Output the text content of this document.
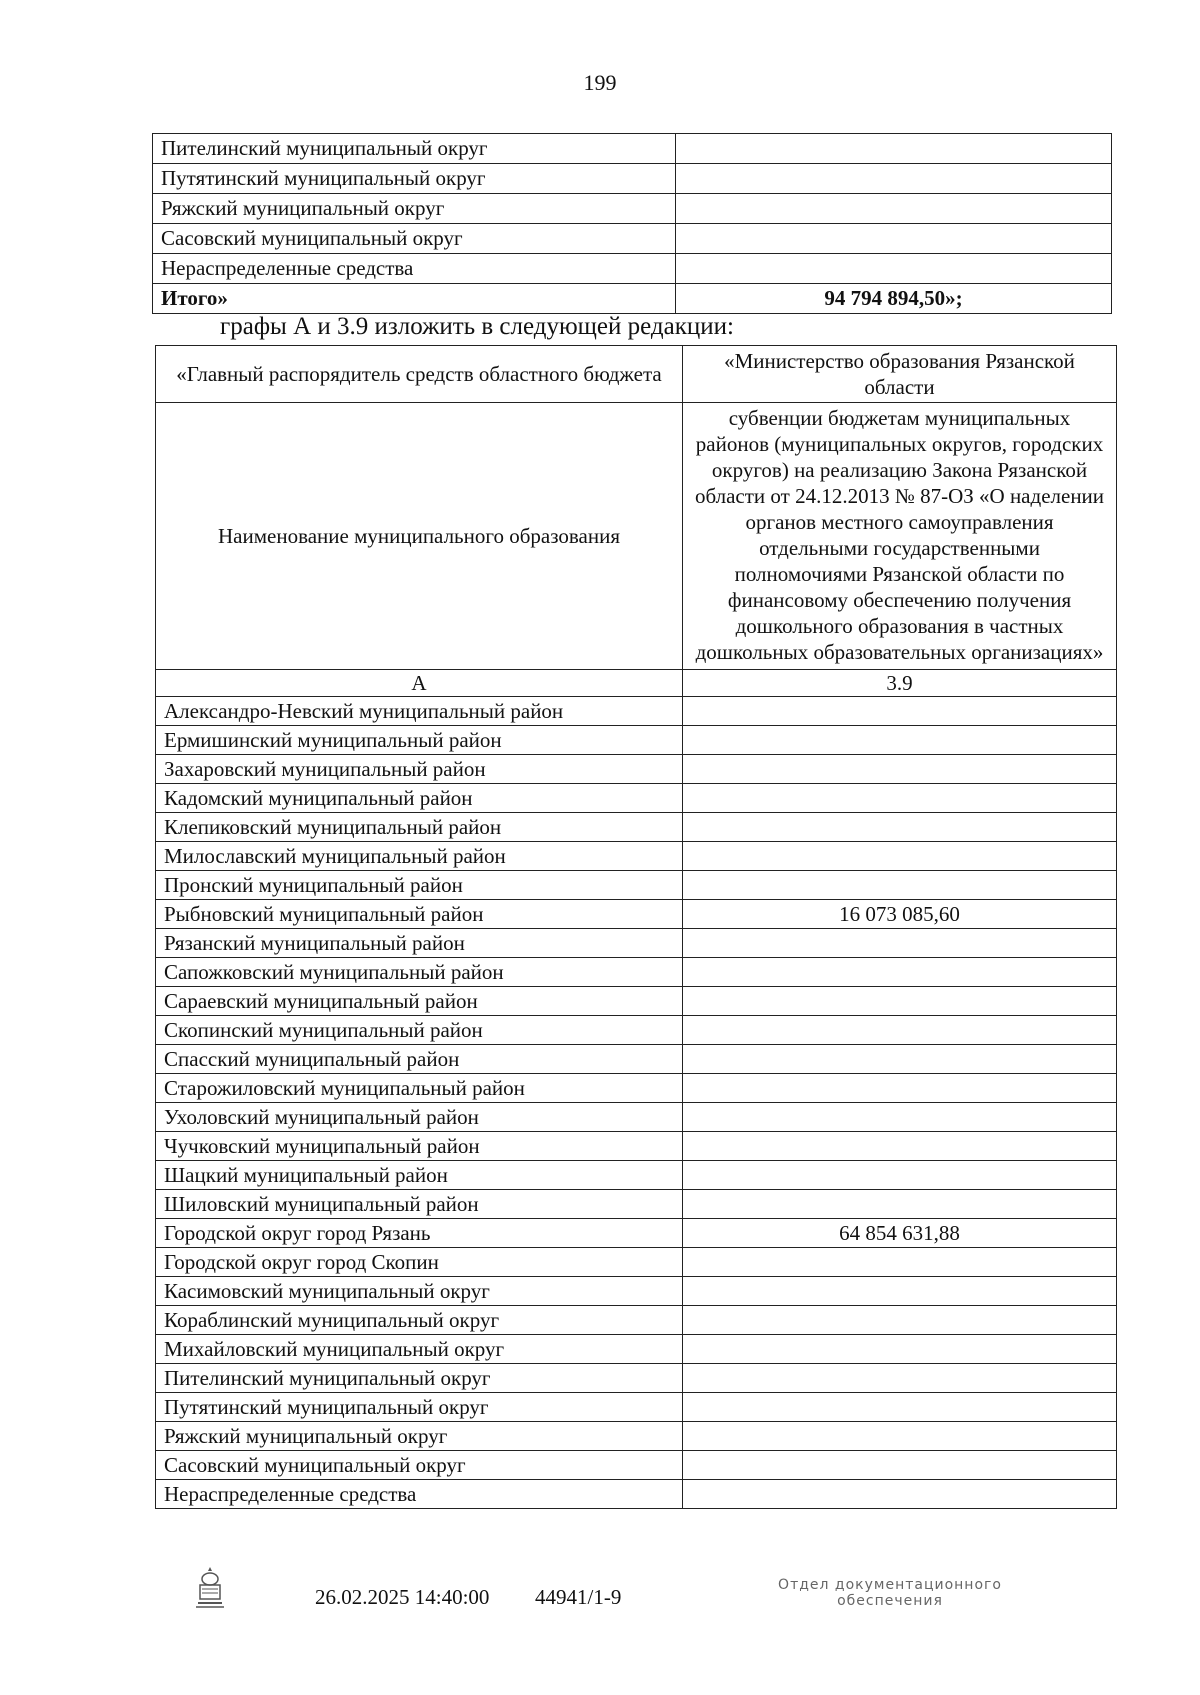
199
Пителинский муниципальный округ	
Путятинский муниципальный округ	
Ряжский муниципальный округ	
Сасовский муниципальный округ	
Нераспределенные средства	
Итого»	94 794 894,50»;
графы А и 3.9 изложить в следующей редакции:
«Главный распорядитель средств областного бюджета	«Министерство образования Рязанской области
Наименование муниципального образования	субвенции бюджетам муниципальных районов (муниципальных округов, городских округов) на реализацию Закона Рязанской области от 24.12.2013 № 87-ОЗ «О наделении органов местного самоуправления отдельными государственными полномочиями Рязанской области по финансовому обеспечению получения дошкольного образования в частных дошкольных образовательных организациях»
А	3.9
Александро-Невский муниципальный район	
Ермишинский муниципальный район	
Захаровский муниципальный район	
Кадомский муниципальный район	
Клепиковский муниципальный район	
Милославский муниципальный район	
Пронский муниципальный район	
Рыбновский муниципальный район	16 073 085,60
Рязанский муниципальный район	
Сапожковский муниципальный район	
Сараевский муниципальный район	
Скопинский муниципальный район	
Спасский муниципальный район	
Старожиловский муниципальный район	
Ухоловский муниципальный район	
Чучковский муниципальный район	
Шацкий муниципальный район	
Шиловский муниципальный район	
Городской округ город Рязань	64 854 631,88
Городской округ город Скопин	
Касимовский муниципальный округ	
Кораблинский муниципальный округ	
Михайловский муниципальный округ	
Пителинский муниципальный округ	
Путятинский муниципальный округ	
Ряжский муниципальный округ	
Сасовский муниципальный округ	
Нераспределенные средства	
26.02.2025 14:40:00 44941/1-9	Отдел документационного
обеспечения
